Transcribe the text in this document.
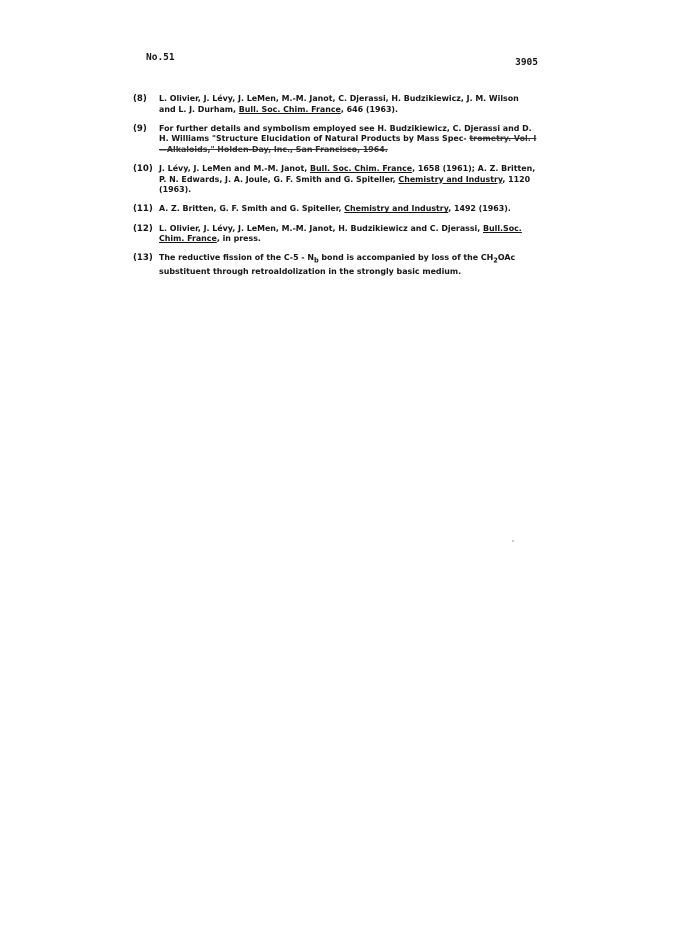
No.51	3905
(8)	L. Olivier, J. Lévy, J. LeMen, M.-M. Janot, C. Djerassi, H. Budzikiewicz, J. M. Wilson and L. J. Durham, Bull. Soc. Chim. France, 646 (1963).
(9)	For further details and symbolism employed see H. Budzikiewicz, C. Djerassi and D. H. Williams "Structure Elucidation of Natural Products by Mass Spec- trometry. Vol. I—Alkaloids," Holden-Day, Inc., San Francisco, 1964.
(10) J. Lévy, J. LeMen and M.-M. Janot, Bull. Soc. Chim. France, 1658 (1961); A. Z. Britten, P. N. Edwards, J. A. Joule, G. F. Smith and G. Spiteller, Chemistry and Industry, 1120 (1963).
(11) A. Z. Britten, G. F. Smith and G. Spiteller, Chemistry and Industry, 1492 (1963).
(12) L. Olivier, J. Lévy, J. LeMen, M.-M. Janot, H. Budzikiewicz and C. Djerassi, Bull.Soc. Chim. France, in press.
(13) The reductive fission of the $C-5 - N_b$ bond is accompanied by loss of the $CH_2OAc$ substituent through retroaldolization in the strongly basic medium.
